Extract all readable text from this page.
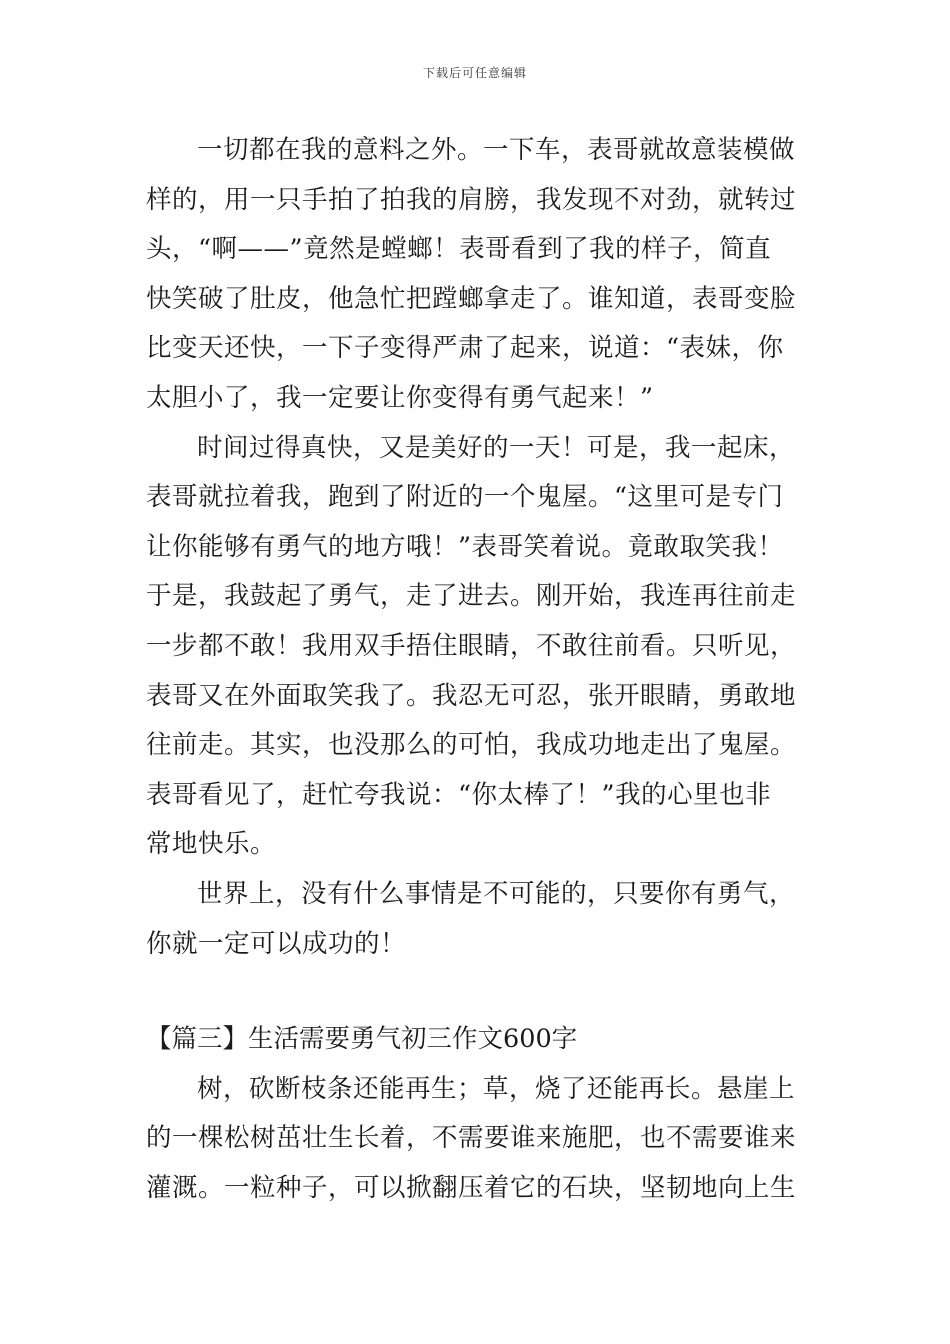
下载后可任意编辑
一切都在我的意料之外。一下车，表哥就故意装模做
样的，用一只手拍了拍我的肩膀，我发现不对劲，就转过
头，“啊——”竟然是螳螂！表哥看到了我的样子，简直
快笑破了肚皮，他急忙把蹚螂拿走了。谁知道，表哥变脸
比变天还快，一下子变得严肃了起来，说道：“表妹，你
太胆小了，我一定要让你变得有勇气起来！”
时间过得真快，又是美好的一天！可是，我一起床，
表哥就拉着我，跑到了附近的一个鬼屋。“这里可是专门
让你能够有勇气的地方哦！”表哥笑着说。竟敢取笑我！
于是，我鼓起了勇气，走了进去。刚开始，我连再往前走
一步都不敢！我用双手捂住眼睛，不敢往前看。只听见，
表哥又在外面取笑我了。我忍无可忍，张开眼睛，勇敢地
往前走。其实，也没那么的可怕，我成功地走出了鬼屋。
表哥看见了，赶忙夸我说：“你太棒了！”我的心里也非
常地快乐。
世界上，没有什么事情是不可能的，只要你有勇气，
你就一定可以成功的！
【篇三】生活需要勇气初三作文600字
树，砍断枝条还能再生；草，烧了还能再长。悬崖上
的一棵松树茁壮生长着，不需要谁来施肥，也不需要谁来
灌溉。一粒种子，可以掀翻压着它的石块，坚韧地向上生
